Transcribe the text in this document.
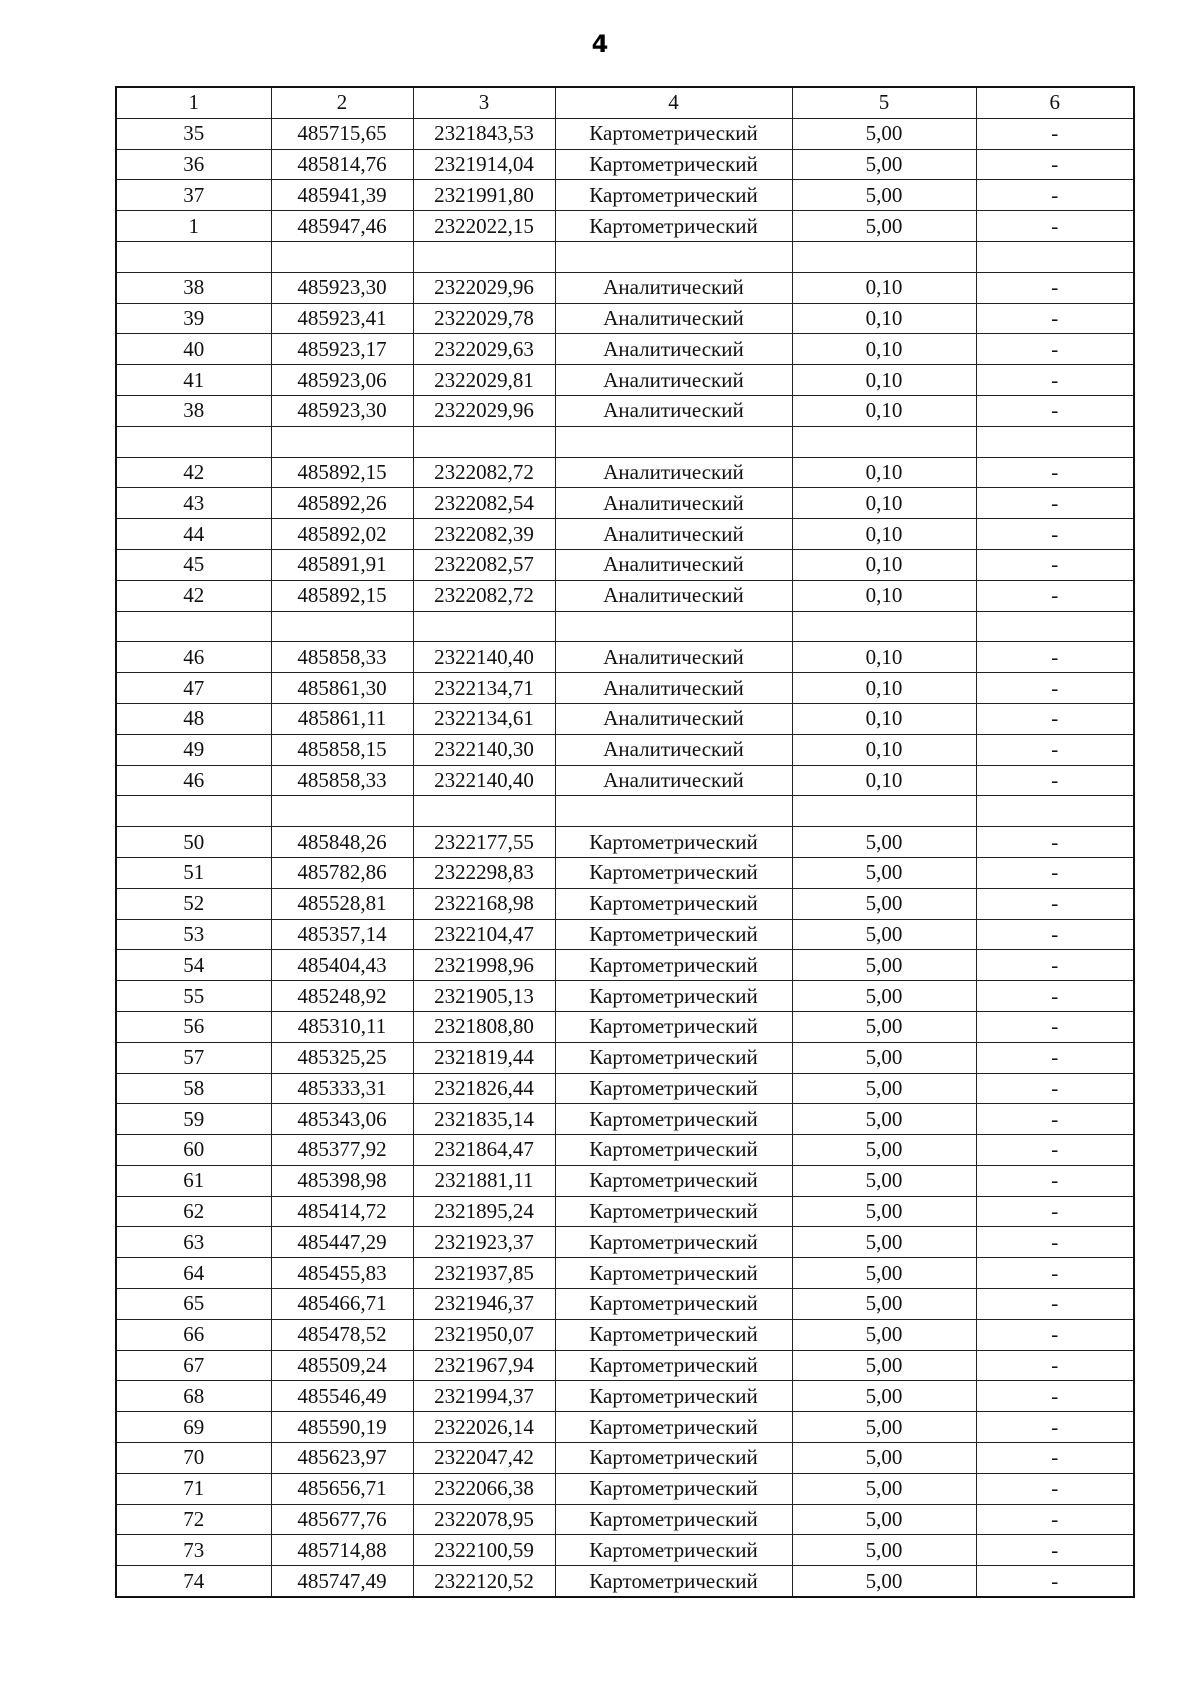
4
1	2	3	4	5	6
35	485715,65	2321843,53	Картометрический	5,00	-
36	485814,76	2321914,04	Картометрический	5,00	-
37	485941,39	2321991,80	Картометрический	5,00	-
1	485947,46	2322022,15	Картометрический	5,00	-

38	485923,30	2322029,96	Аналитический	0,10	-
39	485923,41	2322029,78	Аналитический	0,10	-
40	485923,17	2322029,63	Аналитический	0,10	-
41	485923,06	2322029,81	Аналитический	0,10	-
38	485923,30	2322029,96	Аналитический	0,10	-

42	485892,15	2322082,72	Аналитический	0,10	-
43	485892,26	2322082,54	Аналитический	0,10	-
44	485892,02	2322082,39	Аналитический	0,10	-
45	485891,91	2322082,57	Аналитический	0,10	-
42	485892,15	2322082,72	Аналитический	0,10	-

46	485858,33	2322140,40	Аналитический	0,10	-
47	485861,30	2322134,71	Аналитический	0,10	-
48	485861,11	2322134,61	Аналитический	0,10	-
49	485858,15	2322140,30	Аналитический	0,10	-
46	485858,33	2322140,40	Аналитический	0,10	-

50	485848,26	2322177,55	Картометрический	5,00	-
51	485782,86	2322298,83	Картометрический	5,00	-
52	485528,81	2322168,98	Картометрический	5,00	-
53	485357,14	2322104,47	Картометрический	5,00	-
54	485404,43	2321998,96	Картометрический	5,00	-
55	485248,92	2321905,13	Картометрический	5,00	-
56	485310,11	2321808,80	Картометрический	5,00	-
57	485325,25	2321819,44	Картометрический	5,00	-
58	485333,31	2321826,44	Картометрический	5,00	-
59	485343,06	2321835,14	Картометрический	5,00	-
60	485377,92	2321864,47	Картометрический	5,00	-
61	485398,98	2321881,11	Картометрический	5,00	-
62	485414,72	2321895,24	Картометрический	5,00	-
63	485447,29	2321923,37	Картометрический	5,00	-
64	485455,83	2321937,85	Картометрический	5,00	-
65	485466,71	2321946,37	Картометрический	5,00	-
66	485478,52	2321950,07	Картометрический	5,00	-
67	485509,24	2321967,94	Картометрический	5,00	-
68	485546,49	2321994,37	Картометрический	5,00	-
69	485590,19	2322026,14	Картометрический	5,00	-
70	485623,97	2322047,42	Картометрический	5,00	-
71	485656,71	2322066,38	Картометрический	5,00	-
72	485677,76	2322078,95	Картометрический	5,00	-
73	485714,88	2322100,59	Картометрический	5,00	-
74	485747,49	2322120,52	Картометрический	5,00	-
